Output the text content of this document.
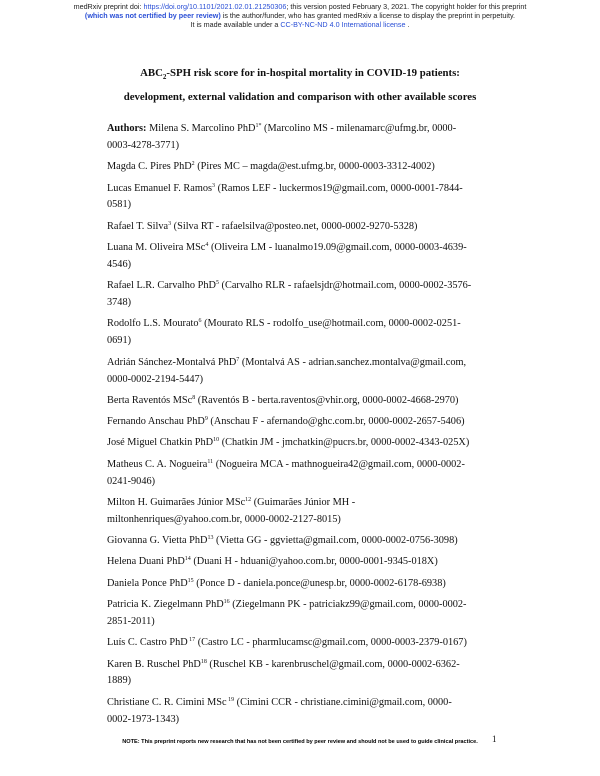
medRxiv preprint doi: https://doi.org/10.1101/2021.02.01.21250306; this version posted February 3, 2021. The copyright holder for this preprint
(which was not certified by peer review) is the author/funder, who has granted medRxiv a license to display the preprint in perpetuity.
It is made available under a CC-BY-NC-ND 4.0 International license .
$ABC_2$-SPH risk score for in-hospital mortality in COVID-19 patients:
development, external validation and comparison with other available scores

Authors: Milena S. Marcolino PhD$^{1*}$ (Marcolino MS - milenamarc@ufmg.br, 0000-
0003-4278-3771)

Magda C. Pires PhD$^2$ (Pires MC – magda@est.ufmg.br, 0000-0003-3312-4002)

Lucas Emanuel F. Ramos$^3$ (Ramos LEF - luckermos19@gmail.com, 0000-0001-7844-
0581)

Rafael T. Silva$^3$ (Silva RT - rafaelsilva@posteo.net, 0000-0002-9270-5328)

Luana M. Oliveira MSc$^4$ (Oliveira LM - luanalmo19.09@gmail.com, 0000-0003-4639-
4546)

Rafael L.R. Carvalho PhD$^5$ (Carvalho RLR - rafaelsjdr@hotmail.com, 0000-0002-3576-
3748)

Rodolfo L.S. Mourato$^6$ (Mourato RLS - rodolfo_use@hotmail.com, 0000-0002-0251-
0691)

Adrián Sánchez-Montalvá PhD$^7$ (Montalvá AS - adrian.sanchez.montalva@gmail.com,
0000-0002-2194-5447)

Berta Raventós MSc$^8$ (Raventós B - berta.raventos@vhir.org, 0000-0002-4668-2970)

Fernando Anschau PhD$^9$ (Anschau F - afernando@ghc.com.br, 0000-0002-2657-5406)

José Miguel Chatkin PhD$^{10}$ (Chatkin JM - jmchatkin@pucrs.br, 0000-0002-4343-025X)

Matheus C. A. Nogueira$^{11}$ (Nogueira MCA - mathnogueira42@gmail.com, 0000-0002-
0241-9046)

Milton H. Guimarães Júnior MSc$^{12}$ (Guimarães Júnior MH -
miltonhenriques@yahoo.com.br, 0000-0002-2127-8015)

Giovanna G. Vietta PhD$^{13}$ (Vietta GG - ggvietta@gmail.com, 0000-0002-0756-3098)

Helena Duani PhD$^{14}$ (Duani H - hduani@yahoo.com.br, 0000-0001-9345-018X)

Daniela Ponce PhD$^{15}$ (Ponce D - daniela.ponce@unesp.br, 0000-0002-6178-6938)

Patricia K. Ziegelmann PhD$^{16}$ (Ziegelmann PK - patriciakz99@gmail.com, 0000-0002-
2851-2011)

Luís C. Castro PhD $^{17}$ (Castro LC - pharmlucamsc@gmail.com, 0000-0003-2379-0167)

Karen B. Ruschel PhD$^{18}$ (Ruschel KB - karenbruschel@gmail.com, 0000-0002-6362-
1889)

Christiane C. R. Cimini MSc $^{19}$ (Cimini CCR - christiane.cimini@gmail.com, 0000-
0002-1973-1343)

NOTE: This preprint reports new research that has not been certified by peer review and should not be used to guide clinical practice.	1
